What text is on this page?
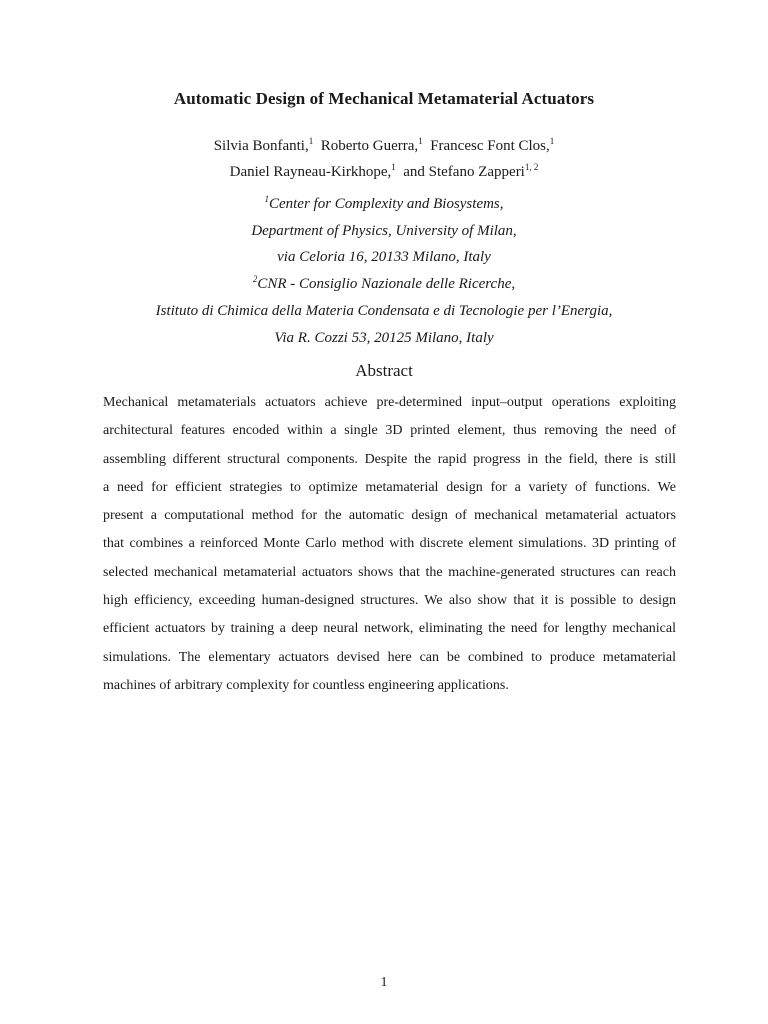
Automatic Design of Mechanical Metamaterial Actuators
Silvia Bonfanti,$^1$ Roberto Guerra,$^1$ Francesc Font Clos,$^1$
Daniel Rayneau-Kirkhope,$^1$ and Stefano Zapperi$^{1, 2}$
$^1$Center for Complexity and Biosystems,
Department of Physics, University of Milan,
via Celoria 16, 20133 Milano, Italy
$^2$CNR - Consiglio Nazionale delle Ricerche,
Istituto di Chimica della Materia Condensata e di Tecnologie per l’Energia,
Via R. Cozzi 53, 20125 Milano, Italy
Abstract
Mechanical metamaterials actuators achieve pre-determined input–output operations exploiting
architectural features encoded within a single 3D printed element, thus removing the need of
assembling different structural components. Despite the rapid progress in the field, there is still
a need for efficient strategies to optimize metamaterial design for a variety of functions. We
present a computational method for the automatic design of mechanical metamaterial actuators
that combines a reinforced Monte Carlo method with discrete element simulations. 3D printing of
selected mechanical metamaterial actuators shows that the machine-generated structures can reach
high efficiency, exceeding human-designed structures. We also show that it is possible to design
efficient actuators by training a deep neural network, eliminating the need for lengthy mechanical
simulations. The elementary actuators devised here can be combined to produce metamaterial
machines of arbitrary complexity for countless engineering applications.
1
